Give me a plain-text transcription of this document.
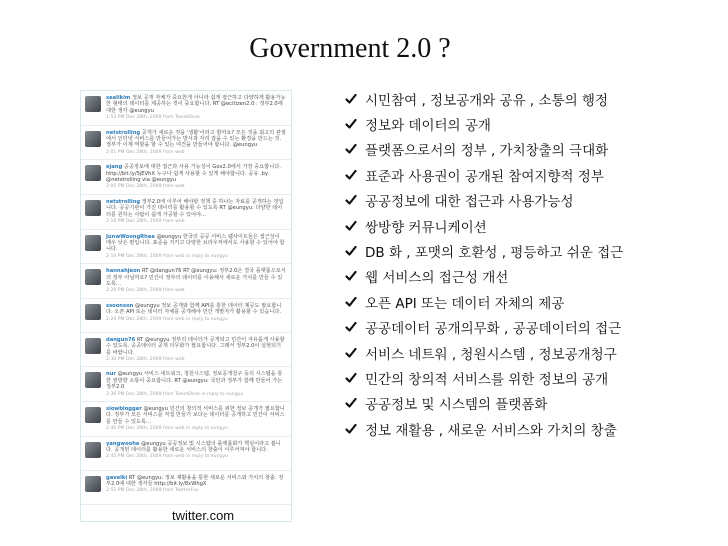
Government 2.0 ?
sealikim 정보 공개 자체가 중요한게 아니라 쉽게 접근하고 다양하게 활용가능한 형태의 데이터를 제공하는 것이 중요합니다. RT @ecitizen2.0 : 정부2.0에 대한 생각 @eungyu
1:53 PM Dec 28th, 2009 from TweetDeck
netstrolling 공개가 새로운 것을 '생활'이라고 할까요? 모든 것을 최고의 관점에서 인터넷 서비스를 만들어가는 방식과 자리 잡을 수 있는 환경을 만드는 것. 정부가 이제 역할을 할 수 있는 여건을 만들어야 합니다. @eungyu
2:01 PM Dec 28th, 2009 from web
ejang 공공정보에 대한 접근과 사용 가능성이 Gov2.0에서 가장 중요합니다. http://bit.ly/5jEVhX 누구나 쉽게 사용할 수 있게 해야합니다. 공유 .by @netstrolling via @eungyu
2:05 PM Dec 28th, 2009 from web
netstrolling 정부2.0에 이루어 해야할 정책 중 하나는 자료를 공개하는 것입니다. 공공기관이 가진 데이터를 활용할 수 있도록 RT @eungyu: 다양한 데이터를 원하는 사람이 쉽게 가공할 수 있어야...
2:10 PM Dec 28th, 2009 from web
JunwWoongRhee @eungyu 한국의 공공 서비스 웹사이트들은 접근성이 매우 낮은 편입니다. 표준을 지키고 다양한 브라우저에서도 사용할 수 있어야 합니다.
2:14 PM Dec 28th, 2009 from web in reply to eungyu
hannahjeon RT @dangun76 RT @eungyu: 정부2.0은 결국 플랫폼으로서의 정부 아닐까요? 민간이 정부의 데이터를 이용해서 새로운 가치를 만들 수 있도록...
2:20 PM Dec 28th, 2009 from web
ssoonson @eungyu 정보 공개와 함께 API를 통한 데이터 제공도 필요합니다. 오픈 API 또는 데이터 자체를 공개해야 민간 개발자가 활용할 수 있습니다.
2:24 PM Dec 28th, 2009 from web in reply to eungyu
dangun76 RT @eungyu 정부의 데이터가 공개되고 민간이 자유롭게 사용할 수 있도록. 공공데이터 공개 의무화가 필요합니다. 그래서 정부2.0이 실현되기를 바랍니다.
2:30 PM Dec 28th, 2009 from web
nur @eungyu 서비스 네트워크, 청원시스템, 정보공개청구 등의 시스템을 통한 쌍방향 소통이 중요합니다. RT @eungyu: 국민과 정부가 함께 만들어 가는 정부2.0
2:36 PM Dec 28th, 2009 from TweetDeck in reply to eungyu
siowblogger @eungyu 민간의 창의적 서비스를 위한 정보 공개가 필요합니다. 정부가 모든 서비스를 직접 만들기 보다는 데이터를 공개하고 민간이 서비스를 만들 수 있도록...
2:40 PM Dec 28th, 2009 from web in reply to eungyu
yangwoohe @eungyu 공공정보 및 시스템의 플랫폼화가 핵심이라고 봅니다. 공개된 데이터를 활용한 새로운 서비스의 창출이 이루어져야 합니다.
2:45 PM Dec 28th, 2009 from web in reply to eungyu
gavelki RT @eungyu: 정보 재활용을 통한 새로운 서비스와 가치의 창출. 정부2.0에 대한 생각들 http://bit.ly/8xWhgX
2:51 PM Dec 28th, 2009 from TwitterFox
twitter.com
시민참여 , 정보공개와 공유 , 소통의 행정
정보와 데이터의 공개
플랫폼으로서의 정부 , 가치창출의 극대화
표준과 사용권이 공개된 참여지향적 정부
공공정보에 대한 접근과 사용가능성
쌍방향 커뮤니케이션
DB 화 , 포맷의 호환성 , 평등하고 쉬운 접근
웹 서비스의 접근성 개선
오픈 API 또는 데이터 자체의 제공
공공데이터 공개의무화 , 공공데이터의 접근
서비스 네트워 , 청원시스템 , 정보공개청구
민간의 창의적 서비스를 위한 정보의 공개
공공정보 및 시스템의 플랫폼화
정보 재활용 , 새로운 서비스와 가치의 창출
